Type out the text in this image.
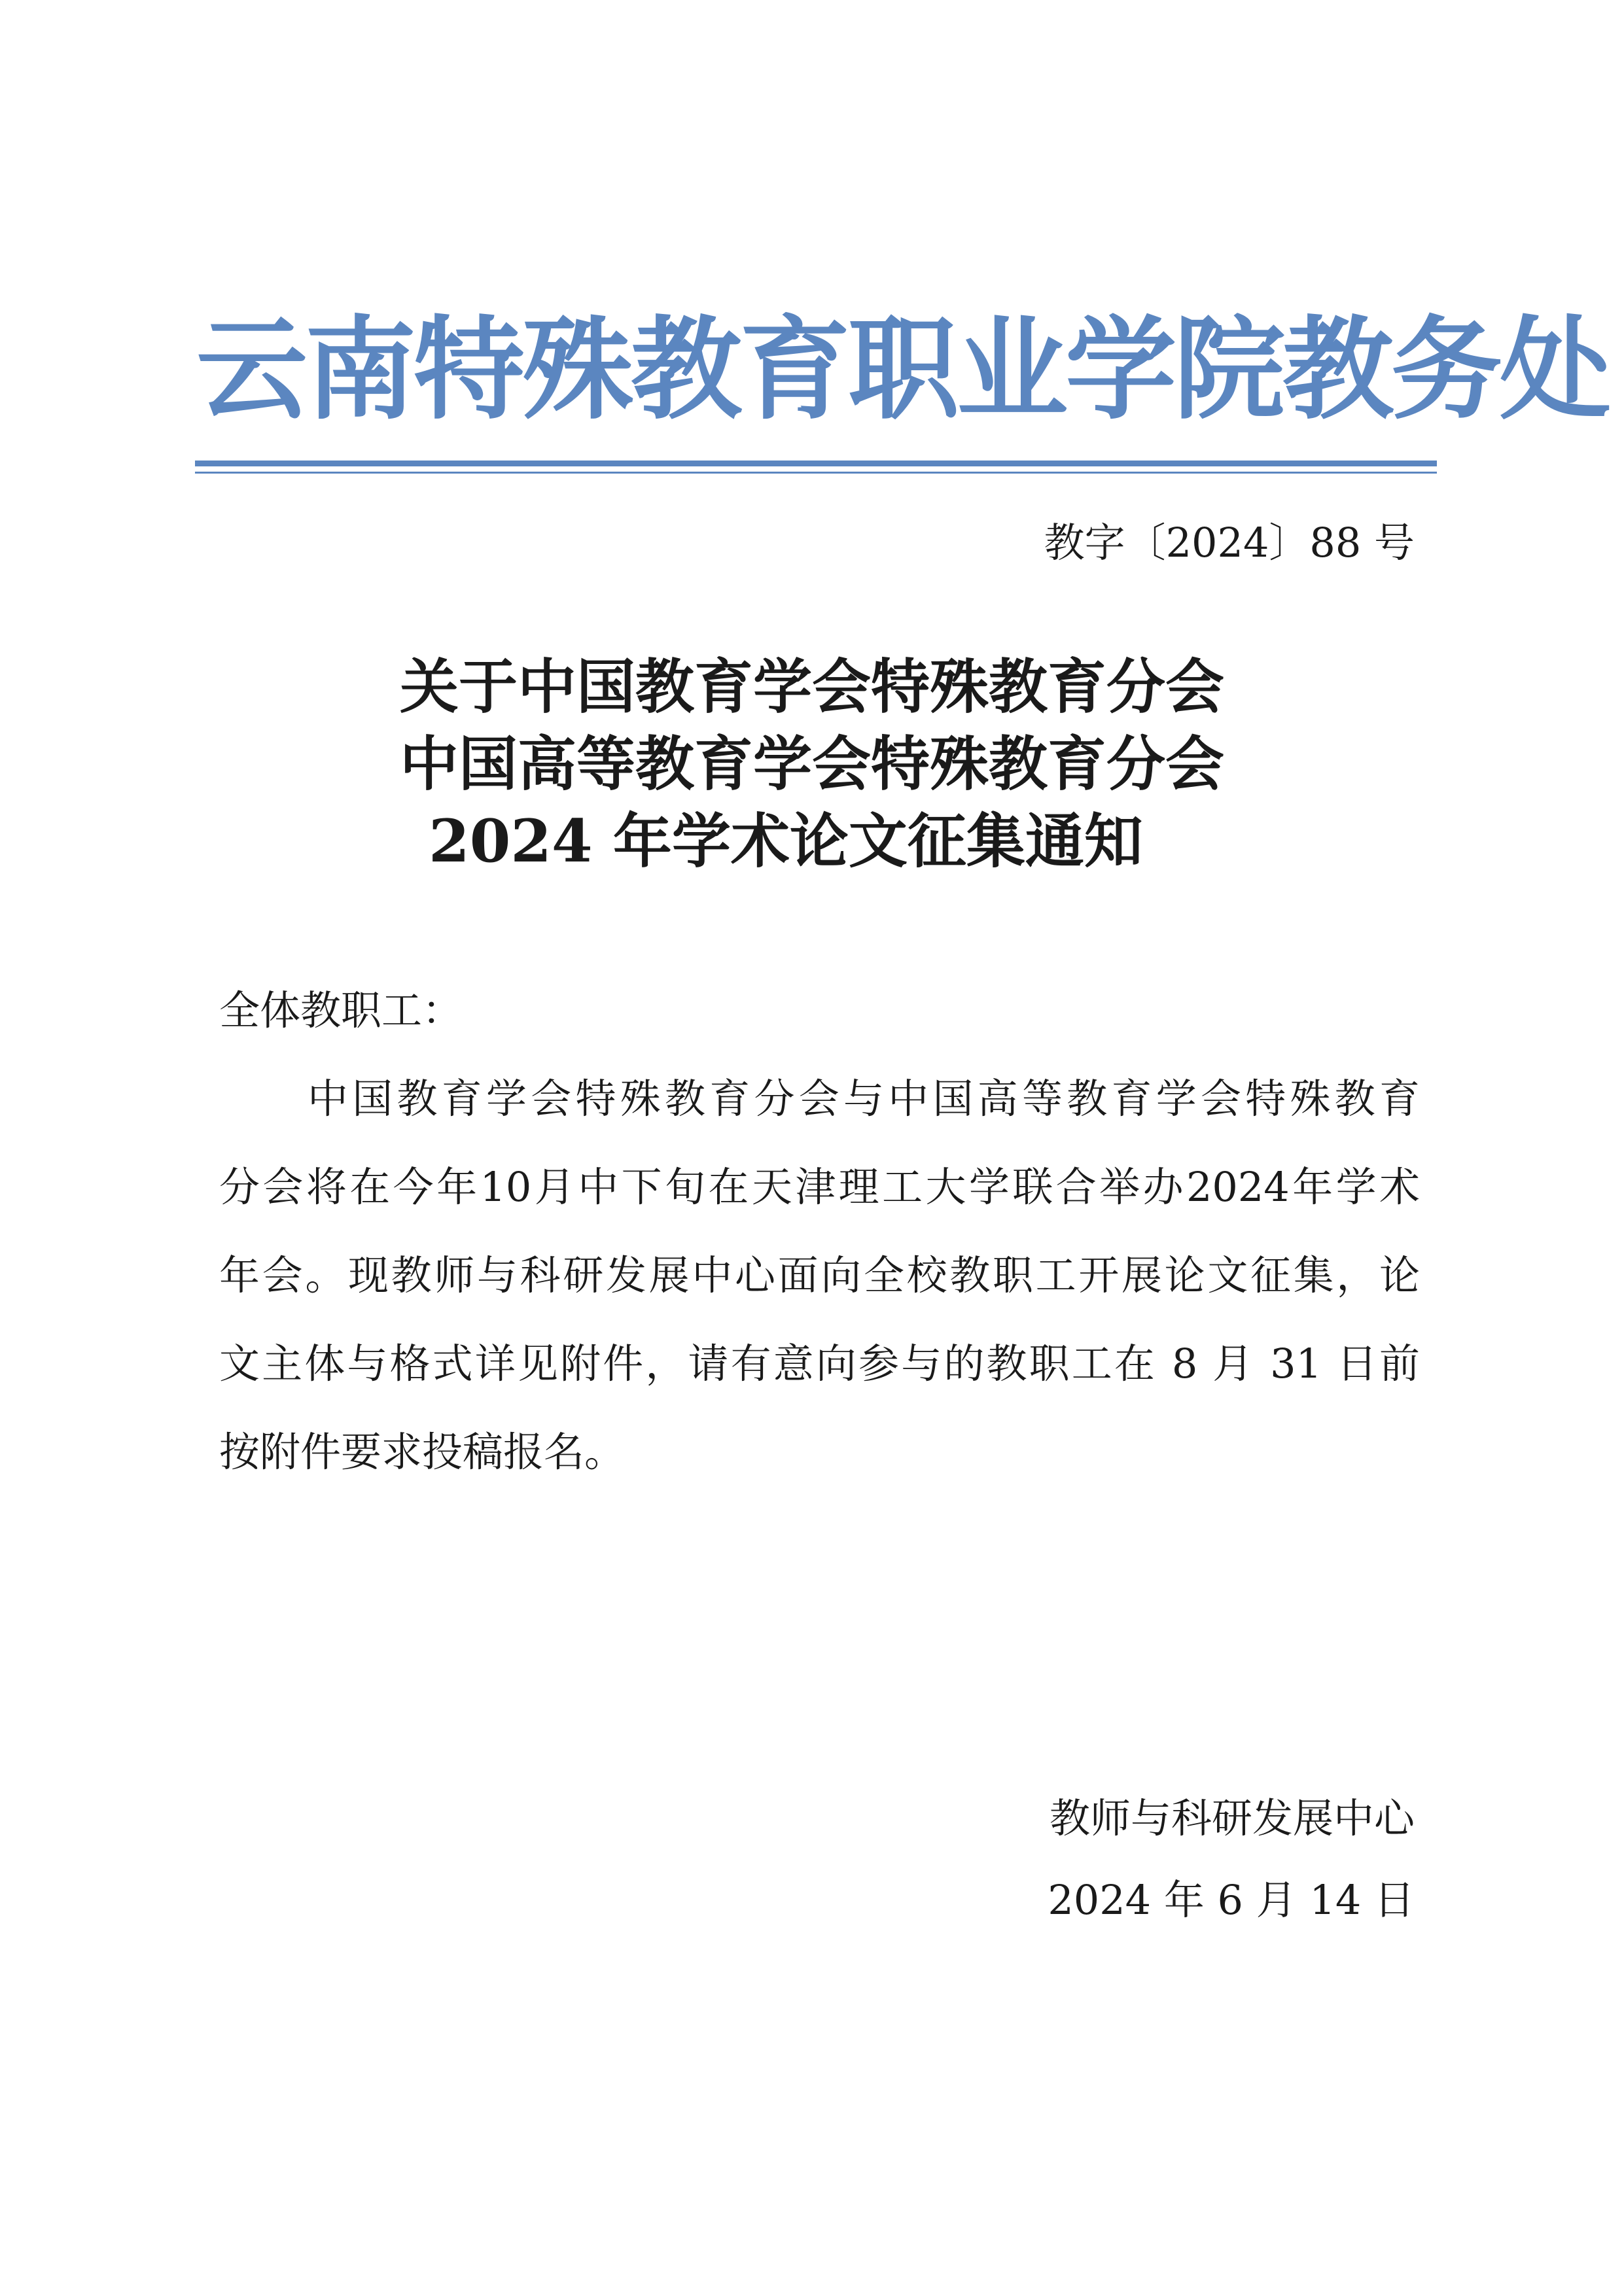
云南特殊教育职业学院教务处
教字〔2024〕88 号
关于中国教育学会特殊教育分会
中国高等教育学会特殊教育分会
2024 年学术论文征集通知
全体教职工：
中国教育学会特殊教育分会与中国高等教育学会特殊教育
分会将在今年10月中下旬在天津理工大学联合举办2024年学术
年会。现教师与科研发展中心面向全校教职工开展论文征集，论
文主体与格式详见附件，请有意向参与的教职工在 8 月 31 日前
按附件要求投稿报名。
教师与科研发展中心
2024 年 6 月 14 日
